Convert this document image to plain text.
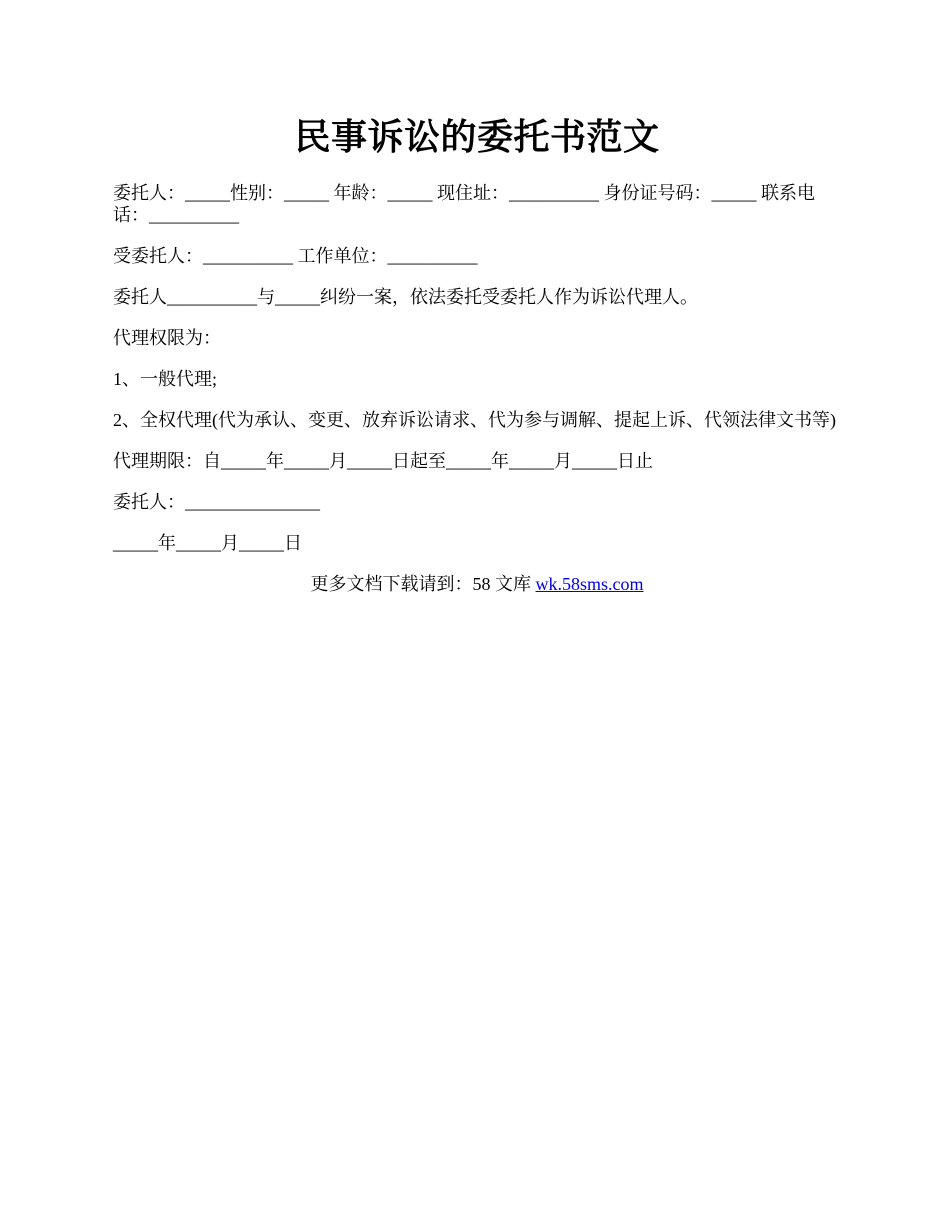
民事诉讼的委托书范文

委托人：_____性别：_____ 年龄：_____ 现住址：__________ 身份证号码：_____ 联系电话：__________

受委托人：__________ 工作单位：__________

委托人__________与_____纠纷一案，依法委托受委托人作为诉讼代理人。

代理权限为：

1、一般代理;

2、全权代理(代为承认、变更、放弃诉讼请求、代为参与调解、提起上诉、代领法律文书等)

代理期限：自_____年_____月_____日起至_____年_____月_____日止

委托人：_______________

_____年_____月_____日

更多文档下载请到：58 文库 wk.58sms.com
